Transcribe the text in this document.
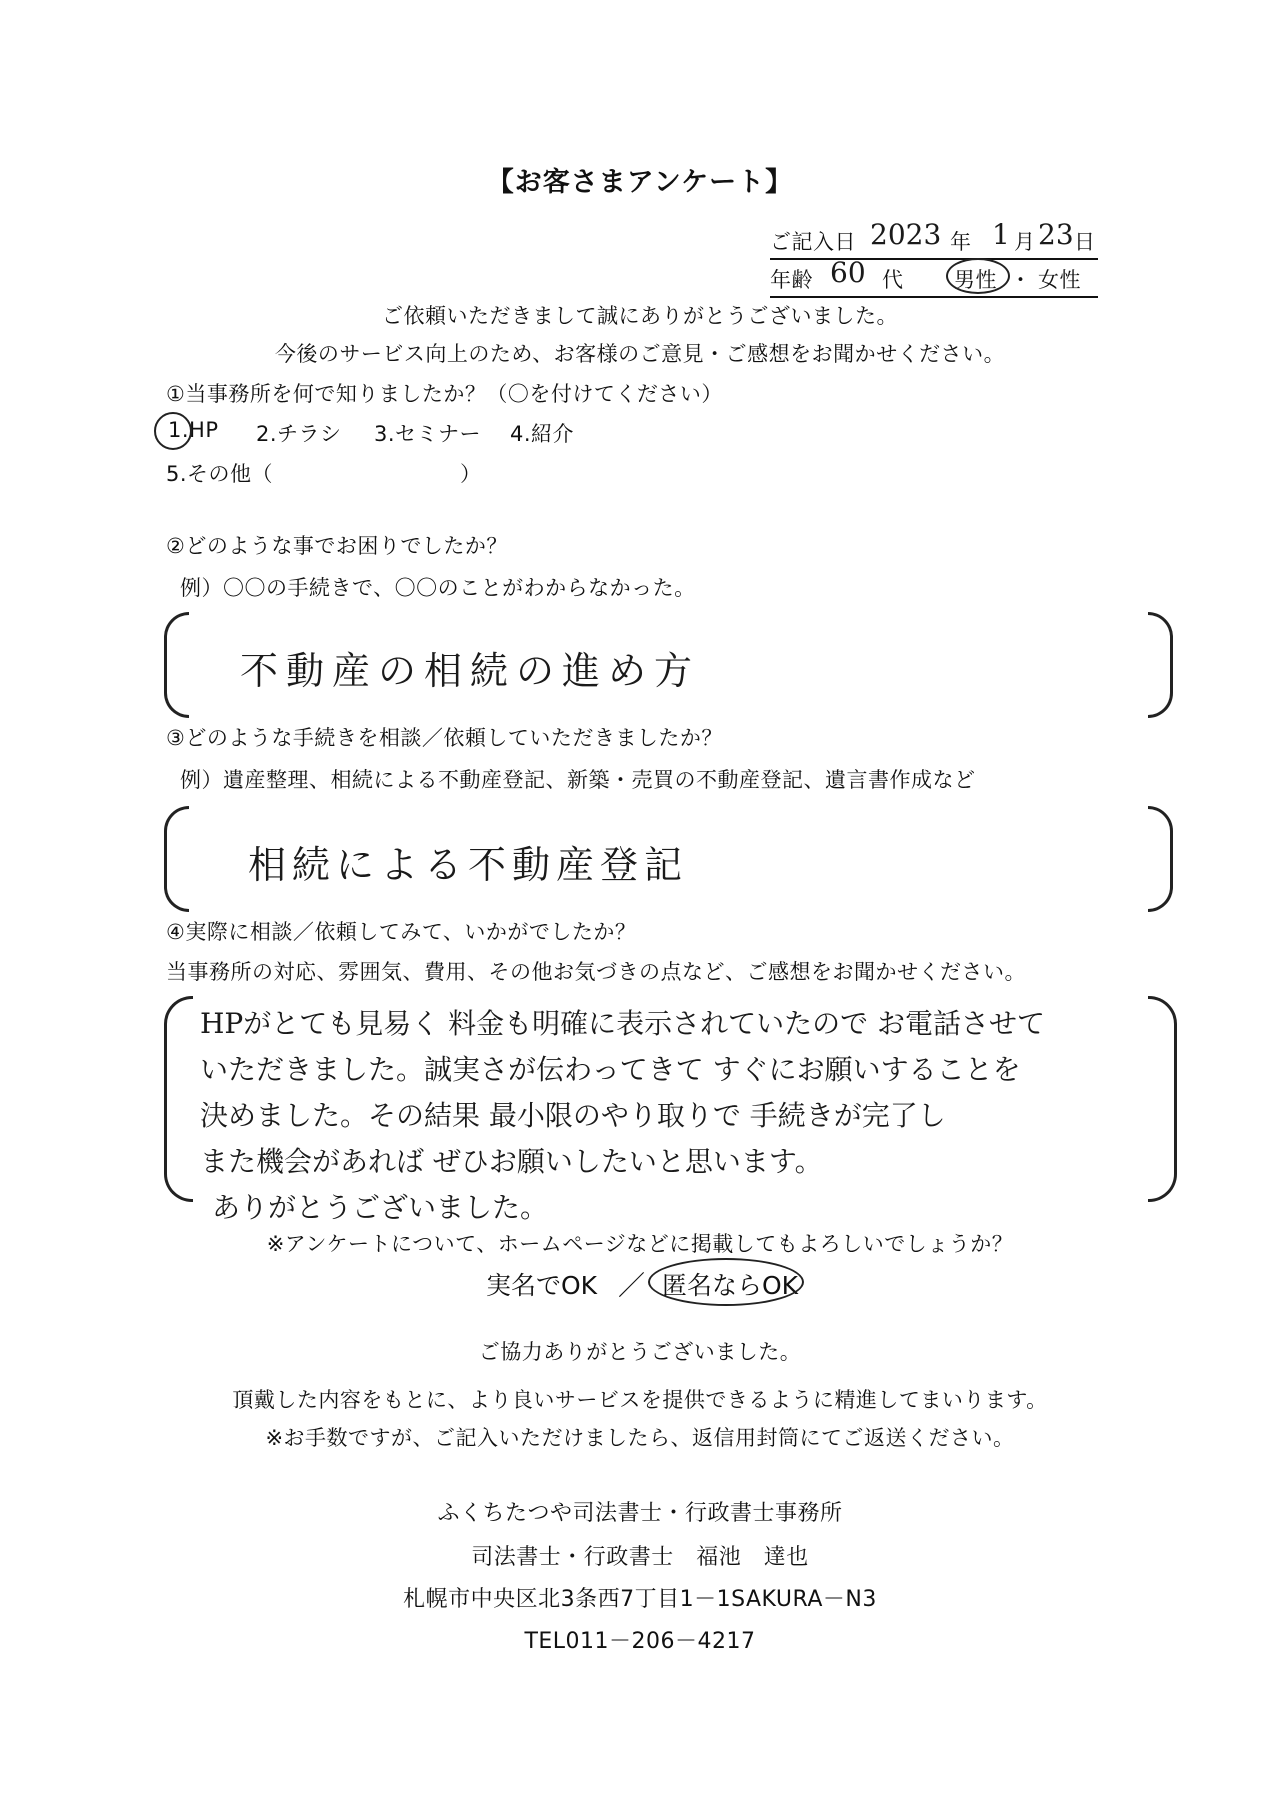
【お客さまアンケート】
ご記入日 2023 年 1 月 23 日
年齢 60 代 男性 ・ 女性
ご依頼いただきまして誠にありがとうございました。
今後のサービス向上のため、お客様のご意見・ご感想をお聞かせください。
①当事務所を何で知りましたか？（〇を付けてください）
1.HP 2.チラシ 3.セミナー 4.紹介
5.その他（	）
②どのような事でお困りでしたか？
例）〇〇の手続きで、〇〇のことがわからなかった。
不動産の相続の進め方
③どのような手続きを相談／依頼していただきましたか？
例）遺産整理、相続による不動産登記、新築・売買の不動産登記、遺言書作成など
相続による不動産登記
④実際に相談／依頼してみて、いかがでしたか？
当事務所の対応、雰囲気、費用、その他お気づきの点など、ご感想をお聞かせください。
HPがとても見易く 料金も明確に表示されていたので お電話させて
いただきました。誠実さが伝わってきて すぐにお願いすることを
決めました。その結果 最小限のやり取りで 手続きが完了し
また機会があれば ぜひお願いしたいと思います。
ありがとうございました。
※アンケートについて、ホームページなどに掲載してもよろしいでしょうか？
実名でOK ／ 匿名ならOK
ご協力ありがとうございました。
頂戴した内容をもとに、より良いサービスを提供できるように精進してまいります。
※お手数ですが、ご記入いただけましたら、返信用封筒にてご返送ください。
ふくちたつや司法書士・行政書士事務所
司法書士・行政書士　福池　達也
札幌市中央区北3条西7丁目1－1SAKURA－N3
TEL011－206－4217
